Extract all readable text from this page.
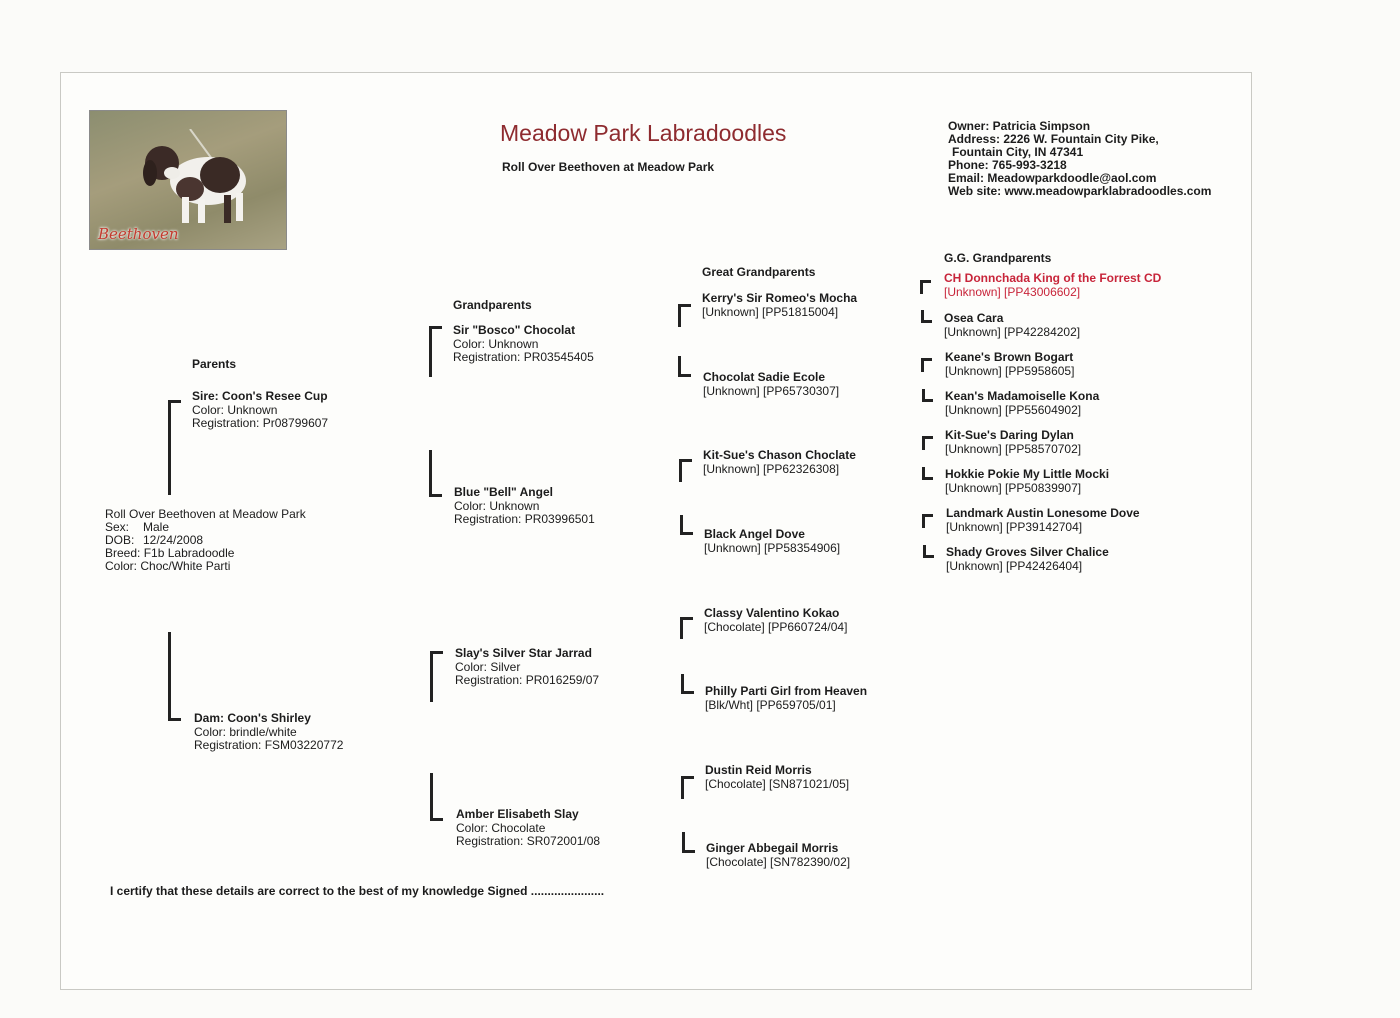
Beethoven
Meadow Park Labradoodles
Roll Over Beethoven at Meadow Park
Owner: Patricia Simpson
Address: 2226 W. Fountain City Pike,
Fountain City, IN 47341
Phone: 765-993-3218
Email: Meadowparkdoodle@aol.com
Web site: www.meadowparklabradoodles.com
Parents
Grandparents
Great Grandparents
G.G. Grandparents
Roll Over Beethoven at Meadow Park
Sex: Male
DOB: 12/24/2008
Breed: F1b Labradoodle
Color: Choc/White Parti
Sire: Coon's Resee Cup
Color: Unknown
Registration: Pr08799607
Dam: Coon's Shirley
Color: brindle/white
Registration: FSM03220772
Sir "Bosco" Chocolat
Color: Unknown
Registration: PR03545405
Blue "Bell" Angel
Color: Unknown
Registration: PR03996501
Slay's Silver Star Jarrad
Color: Silver
Registration: PR016259/07
Amber Elisabeth Slay
Color: Chocolate
Registration: SR072001/08
Kerry's Sir Romeo's Mocha
[Unknown] [PP51815004]
Chocolat Sadie Ecole
[Unknown] [PP65730307]
Kit-Sue's Chason Choclate
[Unknown] [PP62326308]
Black Angel Dove
[Unknown] [PP58354906]
Classy Valentino Kokao
[Chocolate] [PP660724/04]
Philly Parti Girl from Heaven
[Blk/Wht] [PP659705/01]
Dustin Reid Morris
[Chocolate] [SN871021/05]
Ginger Abbegail Morris
[Chocolate] [SN782390/02]
CH Donnchada King of the Forrest CD
[Unknown] [PP43006602]
Osea Cara
[Unknown] [PP42284202]
Keane's Brown Bogart
[Unknown] [PP5958605]
Kean's Madamoiselle Kona
[Unknown] [PP55604902]
Kit-Sue's Daring Dylan
[Unknown] [PP58570702]
Hokkie Pokie My Little Mocki
[Unknown] [PP50839907]
Landmark Austin Lonesome Dove
[Unknown] [PP39142704]
Shady Groves Silver Chalice
[Unknown] [PP42426404]
I certify that these details are correct to the best of my knowledge Signed ......................
